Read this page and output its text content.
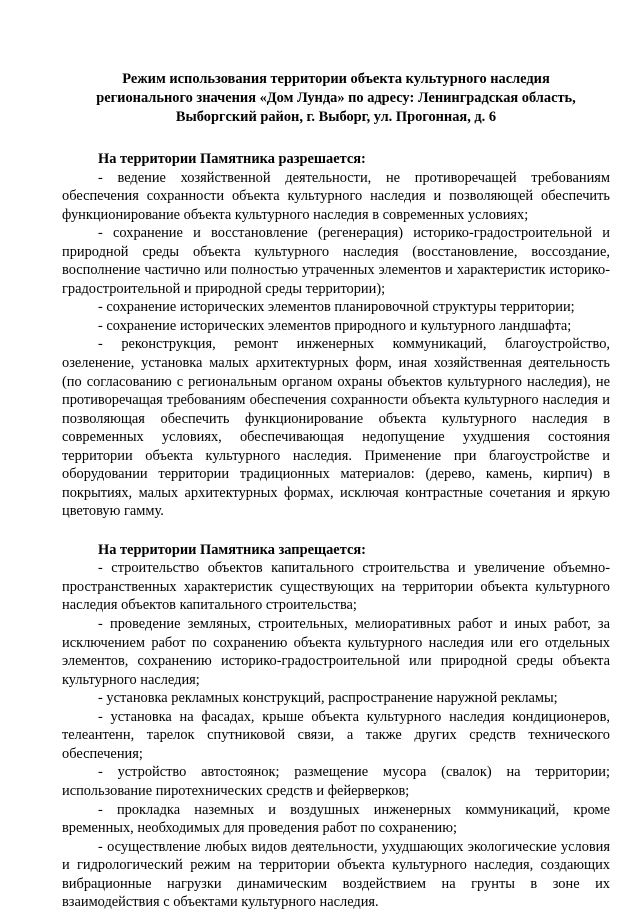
Режим использования территории объекта культурного наследия
регионального значения «Дом Лунда» по адресу: Ленинградская область,
Выборгский район, г. Выборг, ул. Прогонная, д. 6

На территории Памятника разрешается:

- ведение хозяйственной деятельности, не противоречащей требованиям обеспечения сохранности объекта культурного наследия и позволяющей обеспечить функционирование объекта культурного наследия в современных условиях;

- сохранение и восстановление (регенерация) историко-градостроительной и природной среды объекта культурного наследия (восстановление, воссоздание, восполнение частично или полностью утраченных элементов и характеристик историко-градостроительной и природной среды территории);

- сохранение исторических элементов планировочной структуры территории;

- сохранение исторических элементов природного и культурного ландшафта;

- реконструкция, ремонт инженерных коммуникаций, благоустройство, озеленение, установка малых архитектурных форм, иная хозяйственная деятельность (по согласованию с региональным органом охраны объектов культурного наследия), не противоречащая требованиям обеспечения сохранности объекта культурного наследия и позволяющая обеспечить функционирование объекта культурного наследия в современных условиях, обеспечивающая недопущение ухудшения состояния территории объекта культурного наследия. Применение при благоустройстве и оборудовании территории традиционных материалов: (дерево, камень, кирпич) в покрытиях, малых архитектурных формах, исключая контрастные сочетания и яркую цветовую гамму.

На территории Памятника запрещается:

- строительство объектов капитального строительства и увеличение объемно-пространственных характеристик существующих на территории объекта культурного наследия объектов капитального строительства;

- проведение земляных, строительных, мелиоративных работ и иных работ, за исключением работ по сохранению объекта культурного наследия или его отдельных элементов, сохранению историко-градостроительной или природной среды объекта культурного наследия;

- установка рекламных конструкций, распространение наружной рекламы;

- установка на фасадах, крыше объекта культурного наследия кондиционеров, телеантенн, тарелок спутниковой связи, а также других средств технического обеспечения;

- устройство автостоянок; размещение мусора (свалок) на территории; использование пиротехнических средств и фейерверков;

- прокладка наземных и воздушных инженерных коммуникаций, кроме временных, необходимых для проведения работ по сохранению;

- осуществление любых видов деятельности, ухудшающих экологические условия и гидрологический режим на территории объекта культурного наследия, создающих вибрационные нагрузки динамическим воздействием на грунты в зоне их взаимодействия с объектами культурного наследия.
